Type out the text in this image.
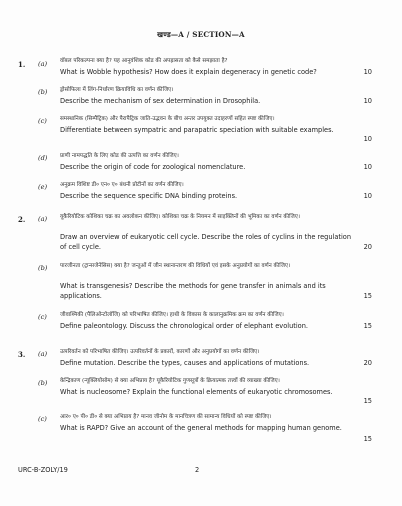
खण्ड—A / SECTION—A
1. (a) वॉबल परिकल्पना क्या है? यह आनुवंशिक कोड की अपह्रासता को कैसे समझाता है?
What is Wobble hypothesis? How does it explain degeneracy in genetic code?	10
(b) ड्रोसोफिला में लिंग-निर्धारण क्रियाविधि का वर्णन कीजिए।
Describe the mechanism of sex determination in Drosophila.	10
(c) समस्थानिक (सिम्पैट्रिक) और पैरापैट्रिक जाति-उद्भवन के बीच अन्तर उपयुक्त उदाहरणों सहित स्पष्ट कीजिए।
Differentiate between sympatric and parapatric speciation with suitable examples.
10
(d) प्राणी नामपद्धति के लिए कोड की उत्पत्ति का वर्णन कीजिए।
Describe the origin of code for zoological nomenclature.	10
(e) अनुक्रम विशिष्ट डी० एन० ए० बंधनी प्रोटीनों का वर्णन कीजिए।
Describe the sequence specific DNA binding proteins.	10
2. (a) यूकैरियोटिक कोशिका चक्र का अवलोकन कीजिए। कोशिका चक्र के नियमन में साइक्लिनों की भूमिका का वर्णन कीजिए।
Draw an overview of eukaryotic cell cycle. Describe the roles of cyclins in the regulation of cell cycle.	20
(b) पारजीनता (ट्रान्सजेनेसिस) क्या है? जन्तुओं में जीन स्थानान्तरण की विधियों एवं इसके अनुप्रयोगों का वर्णन कीजिए।
What is transgenesis? Describe the methods for gene transfer in animals and its applications.	15
(c) जीवाश्मिकी (पैलिओन्टोलॉजि) को परिभाषित कीजिए। हाथी के विकास के कालानुक्रमिक क्रम का वर्णन कीजिए।
Define paleontology. Discuss the chronological order of elephant evolution.	15
3. (a) उत्परिवर्तन को परिभाषित कीजिए। उत्परिवर्तनों के प्रकारों, कारणों और अनुप्रयोगों का वर्णन कीजिए।
Define mutation. Describe the types, causes and applications of mutations.	20
(b) केन्द्रिकाण (न्यूक्लियोसोम) से क्या अभिप्राय है? यूकैरियोटिक गुणसूत्रों के क्रियात्मक तत्त्वों की व्याख्या कीजिए।
What is nucleosome? Explain the functional elements of eukaryotic chromosomes.
15
(c) आर० ए० पी० डी० से क्या अभिप्राय है? मानव जीनोम के मानचित्रण की सामान्य विधियों को स्पष्ट कीजिए।
What is RAPD? Give an account of the general methods for mapping human genome.
15
URC-B-ZOLY/19	2
